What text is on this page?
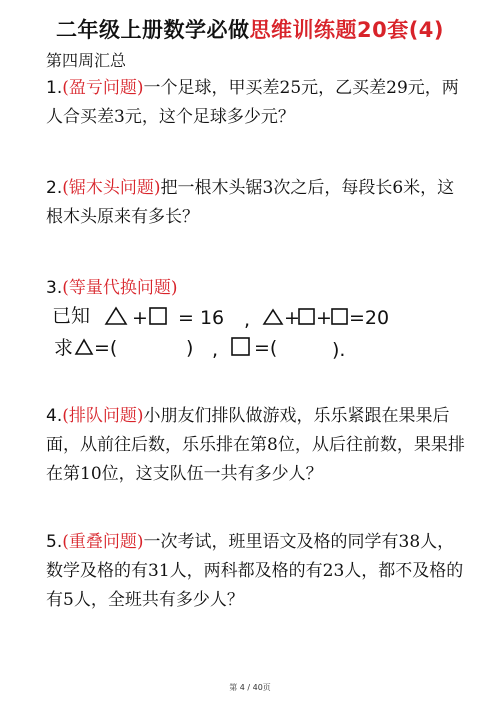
二年级上册数学必做思维训练题20套(4)
第四周汇总
1.(盈亏问题)一个足球，甲买差25元，乙买差29元，两人合买差3元，这个足球多少元？
2.(锯木头问题)把一根木头锯3次之后，每段长6米，这根木头原来有多长？
3.(等量代换问题)
已知 + = 16 , + + =20
求 =(	) , =(	).
4.(排队问题)小朋友们排队做游戏，乐乐紧跟在果果后面，从前往后数，乐乐排在第8位，从后往前数，果果排在第10位，这支队伍一共有多少人？
5.(重叠问题)一次考试，班里语文及格的同学有38人，数学及格的有31人，两科都及格的有23人，都不及格的有5人，全班共有多少人？
第 4 / 40页
